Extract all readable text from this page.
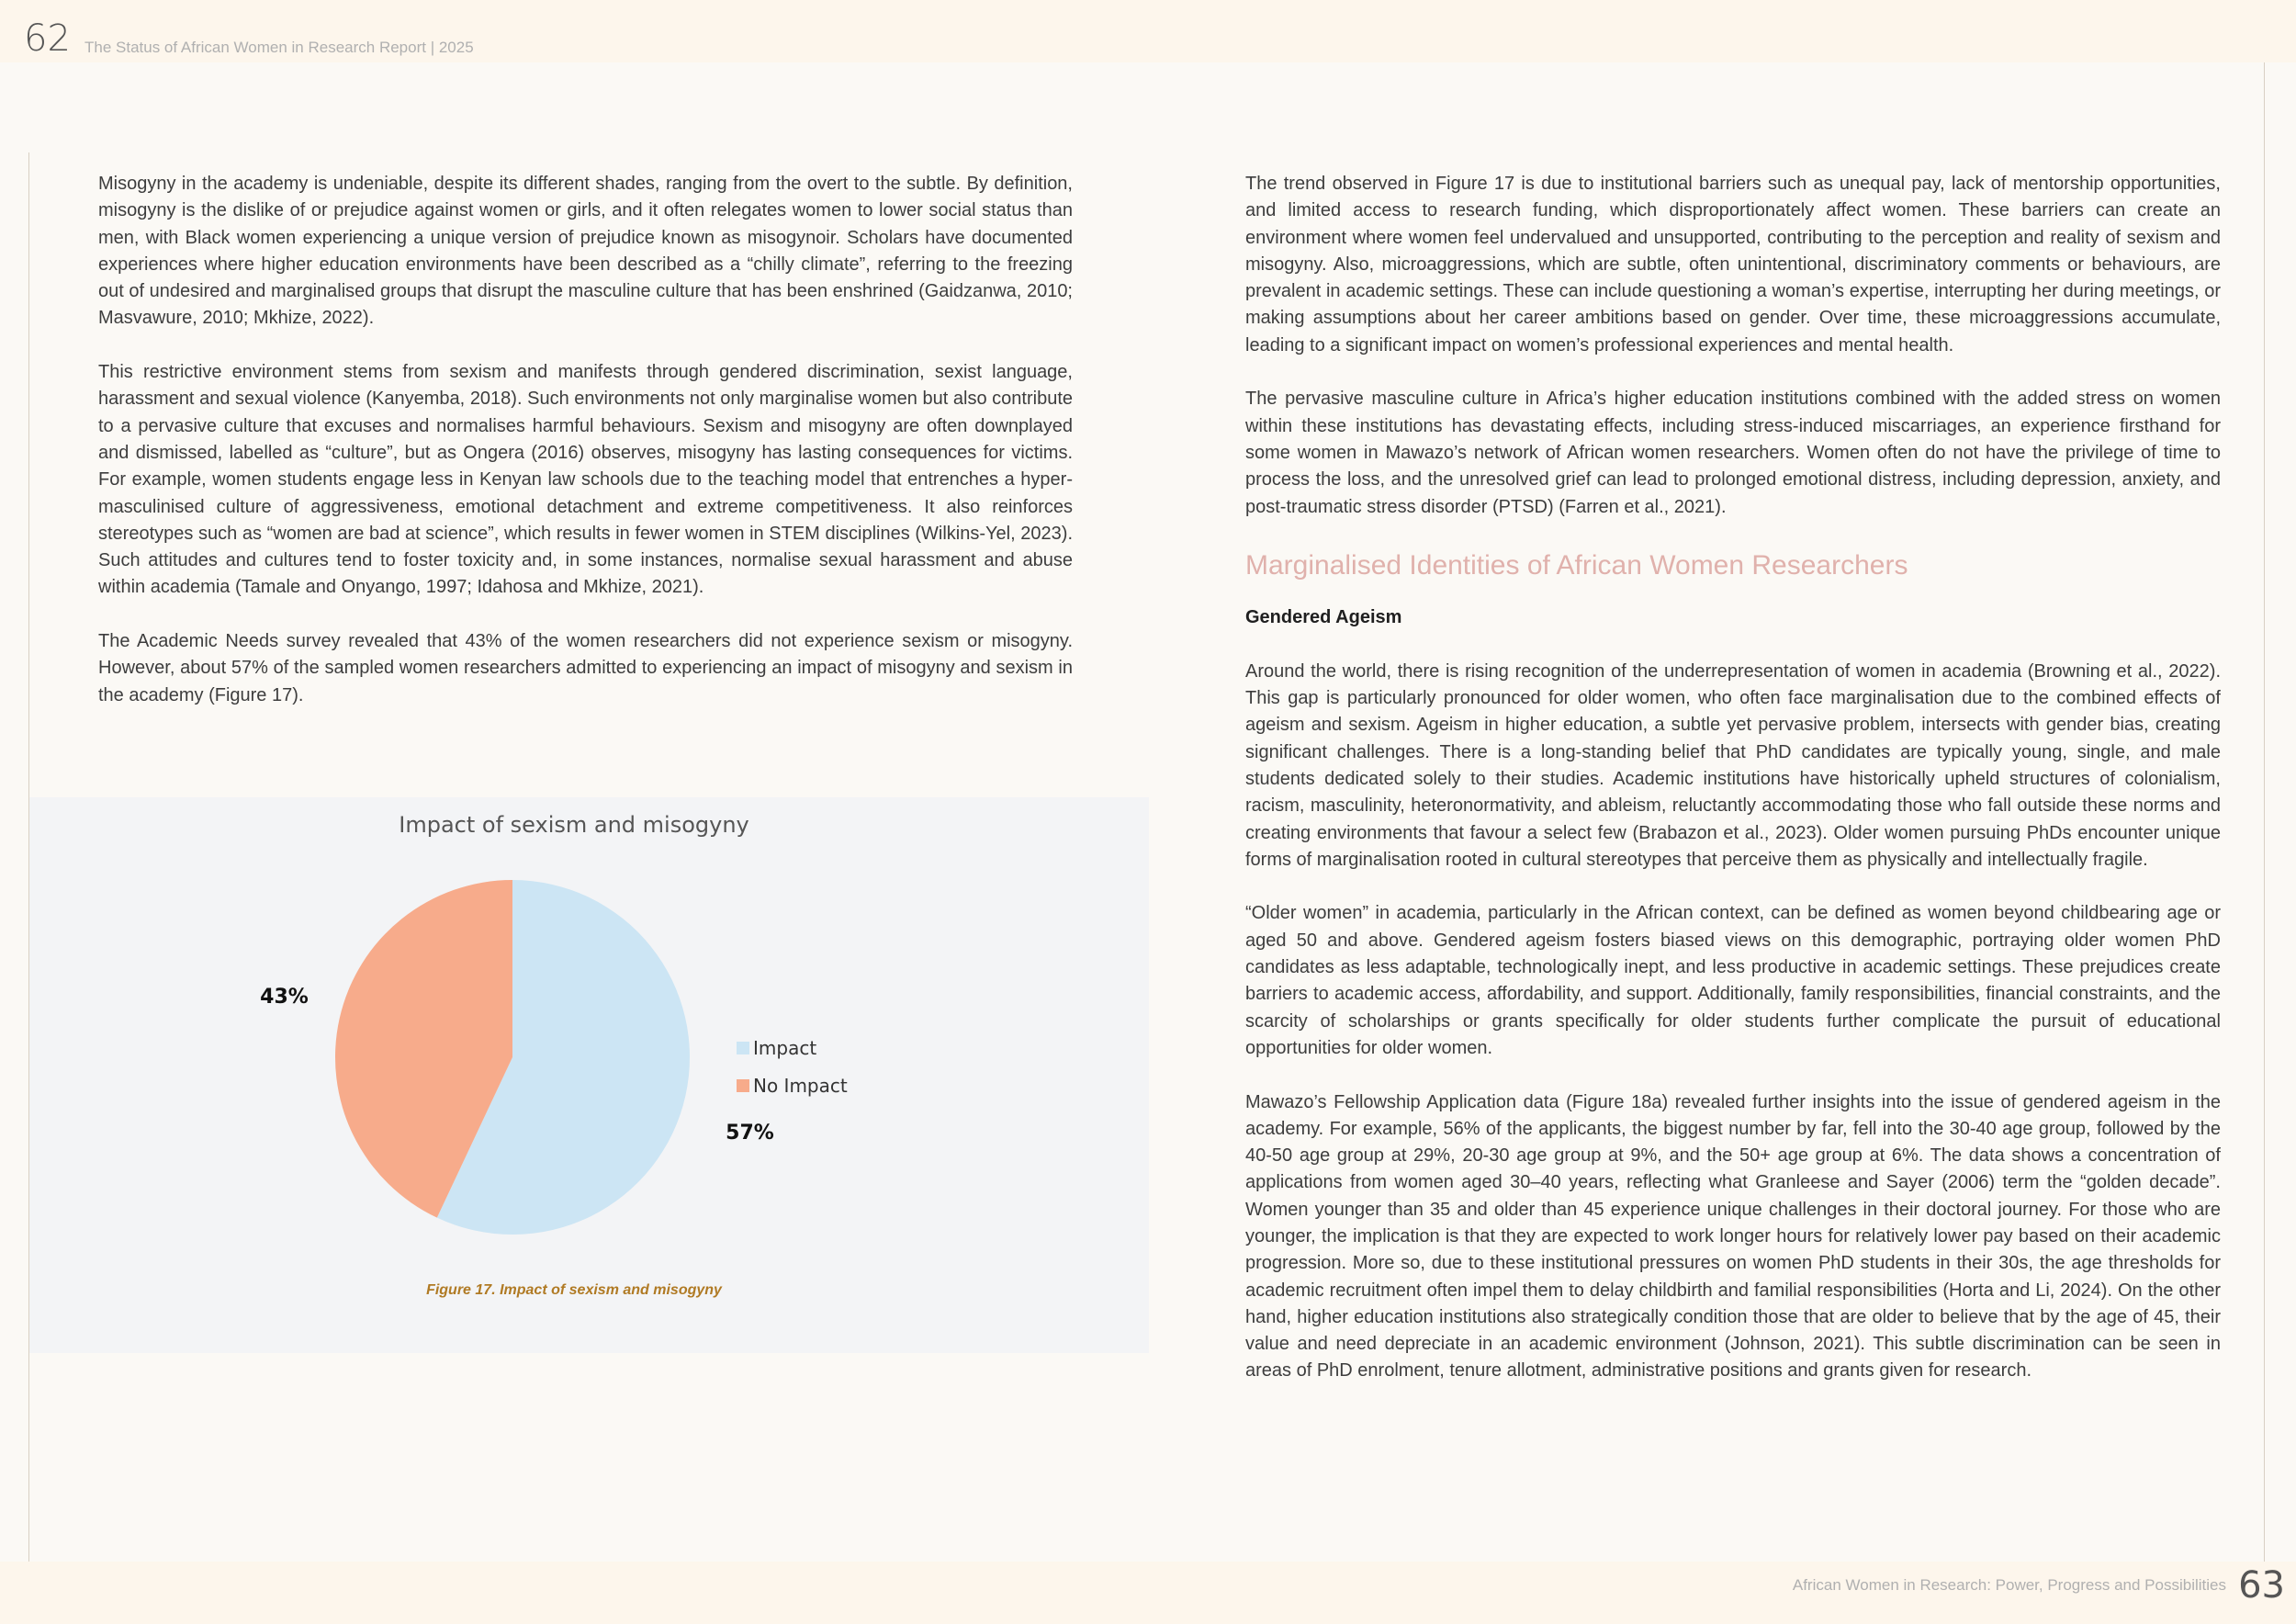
62 The Status of African Women in Research Report | 2025

Misogyny in the academy is undeniable, despite its different shades, ranging from the overt to the subtle. By definition, misogyny is the dislike of or prejudice against women or girls, and it often relegates women to lower social status than men, with Black women experiencing a unique version of prejudice known as misogynoir. Scholars have documented experiences where higher education environments have been described as a “chilly climate”, referring to the freezing out of undesired and marginalised groups that disrupt the masculine culture that has been enshrined (Gaidzanwa, 2010; Masvawure, 2010; Mkhize, 2022).

This restrictive environment stems from sexism and manifests through gendered discrimination, sexist language, harassment and sexual violence (Kanyemba, 2018). Such environments not only marginalise women but also contribute to a pervasive culture that excuses and normalises harmful behaviours. Sexism and misogyny are often downplayed and dismissed, labelled as “culture”, but as Ongera (2016) observes, misogyny has lasting consequences for victims. For example, women students engage less in Kenyan law schools due to the teaching model that entrenches a hyper-masculinised culture of aggressiveness, emotional detachment and extreme competitiveness. It also reinforces stereotypes such as “women are bad at science”, which results in fewer women in STEM disciplines (Wilkins-Yel, 2023). Such attitudes and cultures tend to foster toxicity and, in some instances, normalise sexual harassment and abuse within academia (Tamale and Onyango, 1997; Idahosa and Mkhize, 2021).

The Academic Needs survey revealed that 43% of the women researchers did not experience sexism or misogyny. However, about 57% of the sampled women researchers admitted to experiencing an impact of misogyny and sexism in the academy (Figure 17).

Impact of sexism and misogyny
57%
43%
Impact
No Impact
Figure 17. Impact of sexism and misogyny

The trend observed in Figure 17 is due to institutional barriers such as unequal pay, lack of mentorship opportunities, and limited access to research funding, which disproportionately affect women. These barriers can create an environment where women feel undervalued and unsupported, contributing to the perception and reality of sexism and misogyny. Also, microaggressions, which are subtle, often unintentional, discriminatory comments or behaviours, are prevalent in academic settings. These can include questioning a woman’s expertise, interrupting her during meetings, or making assumptions about her career ambitions based on gender. Over time, these microaggressions accumulate, leading to a significant impact on women’s professional experiences and mental health.

The pervasive masculine culture in Africa’s higher education institutions combined with the added stress on women within these institutions has devastating effects, including stress-induced miscarriages, an experience firsthand for some women in Mawazo’s network of African women researchers. Women often do not have the privilege of time to process the loss, and the unresolved grief can lead to prolonged emotional distress, including depression, anxiety, and post-traumatic stress disorder (PTSD) (Farren et al., 2021).

Marginalised Identities of African Women Researchers
Gendered Ageism

Around the world, there is rising recognition of the underrepresentation of women in academia (Browning et al., 2022). This gap is particularly pronounced for older women, who often face marginalisation due to the combined effects of ageism and sexism. Ageism in higher education, a subtle yet pervasive problem, intersects with gender bias, creating significant challenges. There is a long-standing belief that PhD candidates are typically young, single, and male students dedicated solely to their studies. Academic institutions have historically upheld structures of colonialism, racism, masculinity, heteronormativity, and ableism, reluctantly accommodating those who fall outside these norms and creating environments that favour a select few (Brabazon et al., 2023). Older women pursuing PhDs encounter unique forms of marginalisation rooted in cultural stereotypes that perceive them as physically and intellectually fragile.

“Older women” in academia, particularly in the African context, can be defined as women beyond childbearing age or aged 50 and above. Gendered ageism fosters biased views on this demographic, portraying older women PhD candidates as less adaptable, technologically inept, and less productive in academic settings. These prejudices create barriers to academic access, affordability, and support. Additionally, family responsibilities, financial constraints, and the scarcity of scholarships or grants specifically for older students further complicate the pursuit of educational opportunities for older women.

Mawazo’s Fellowship Application data (Figure 18a) revealed further insights into the issue of gendered ageism in the academy. For example, 56% of the applicants, the biggest number by far, fell into the 30-40 age group, followed by the 40-50 age group at 29%, 20-30 age group at 9%, and the 50+ age group at 6%. The data shows a concentration of applications from women aged 30–40 years, reflecting what Granleese and Sayer (2006) term the “golden decade”. Women younger than 35 and older than 45 experience unique challenges in their doctoral journey. For those who are younger, the implication is that they are expected to work longer hours for relatively lower pay based on their academic progression. More so, due to these institutional pressures on women PhD students in their 30s, the age thresholds for academic recruitment often impel them to delay childbirth and familial responsibilities (Horta and Li, 2024). On the other hand, higher education institutions also strategically condition those that are older to believe that by the age of 45, their value and need depreciate in an academic environment (Johnson, 2021). This subtle discrimination can be seen in areas of PhD enrolment, tenure allotment, administrative positions and grants given for research.

African Women in Research: Power, Progress and Possibilities 63
